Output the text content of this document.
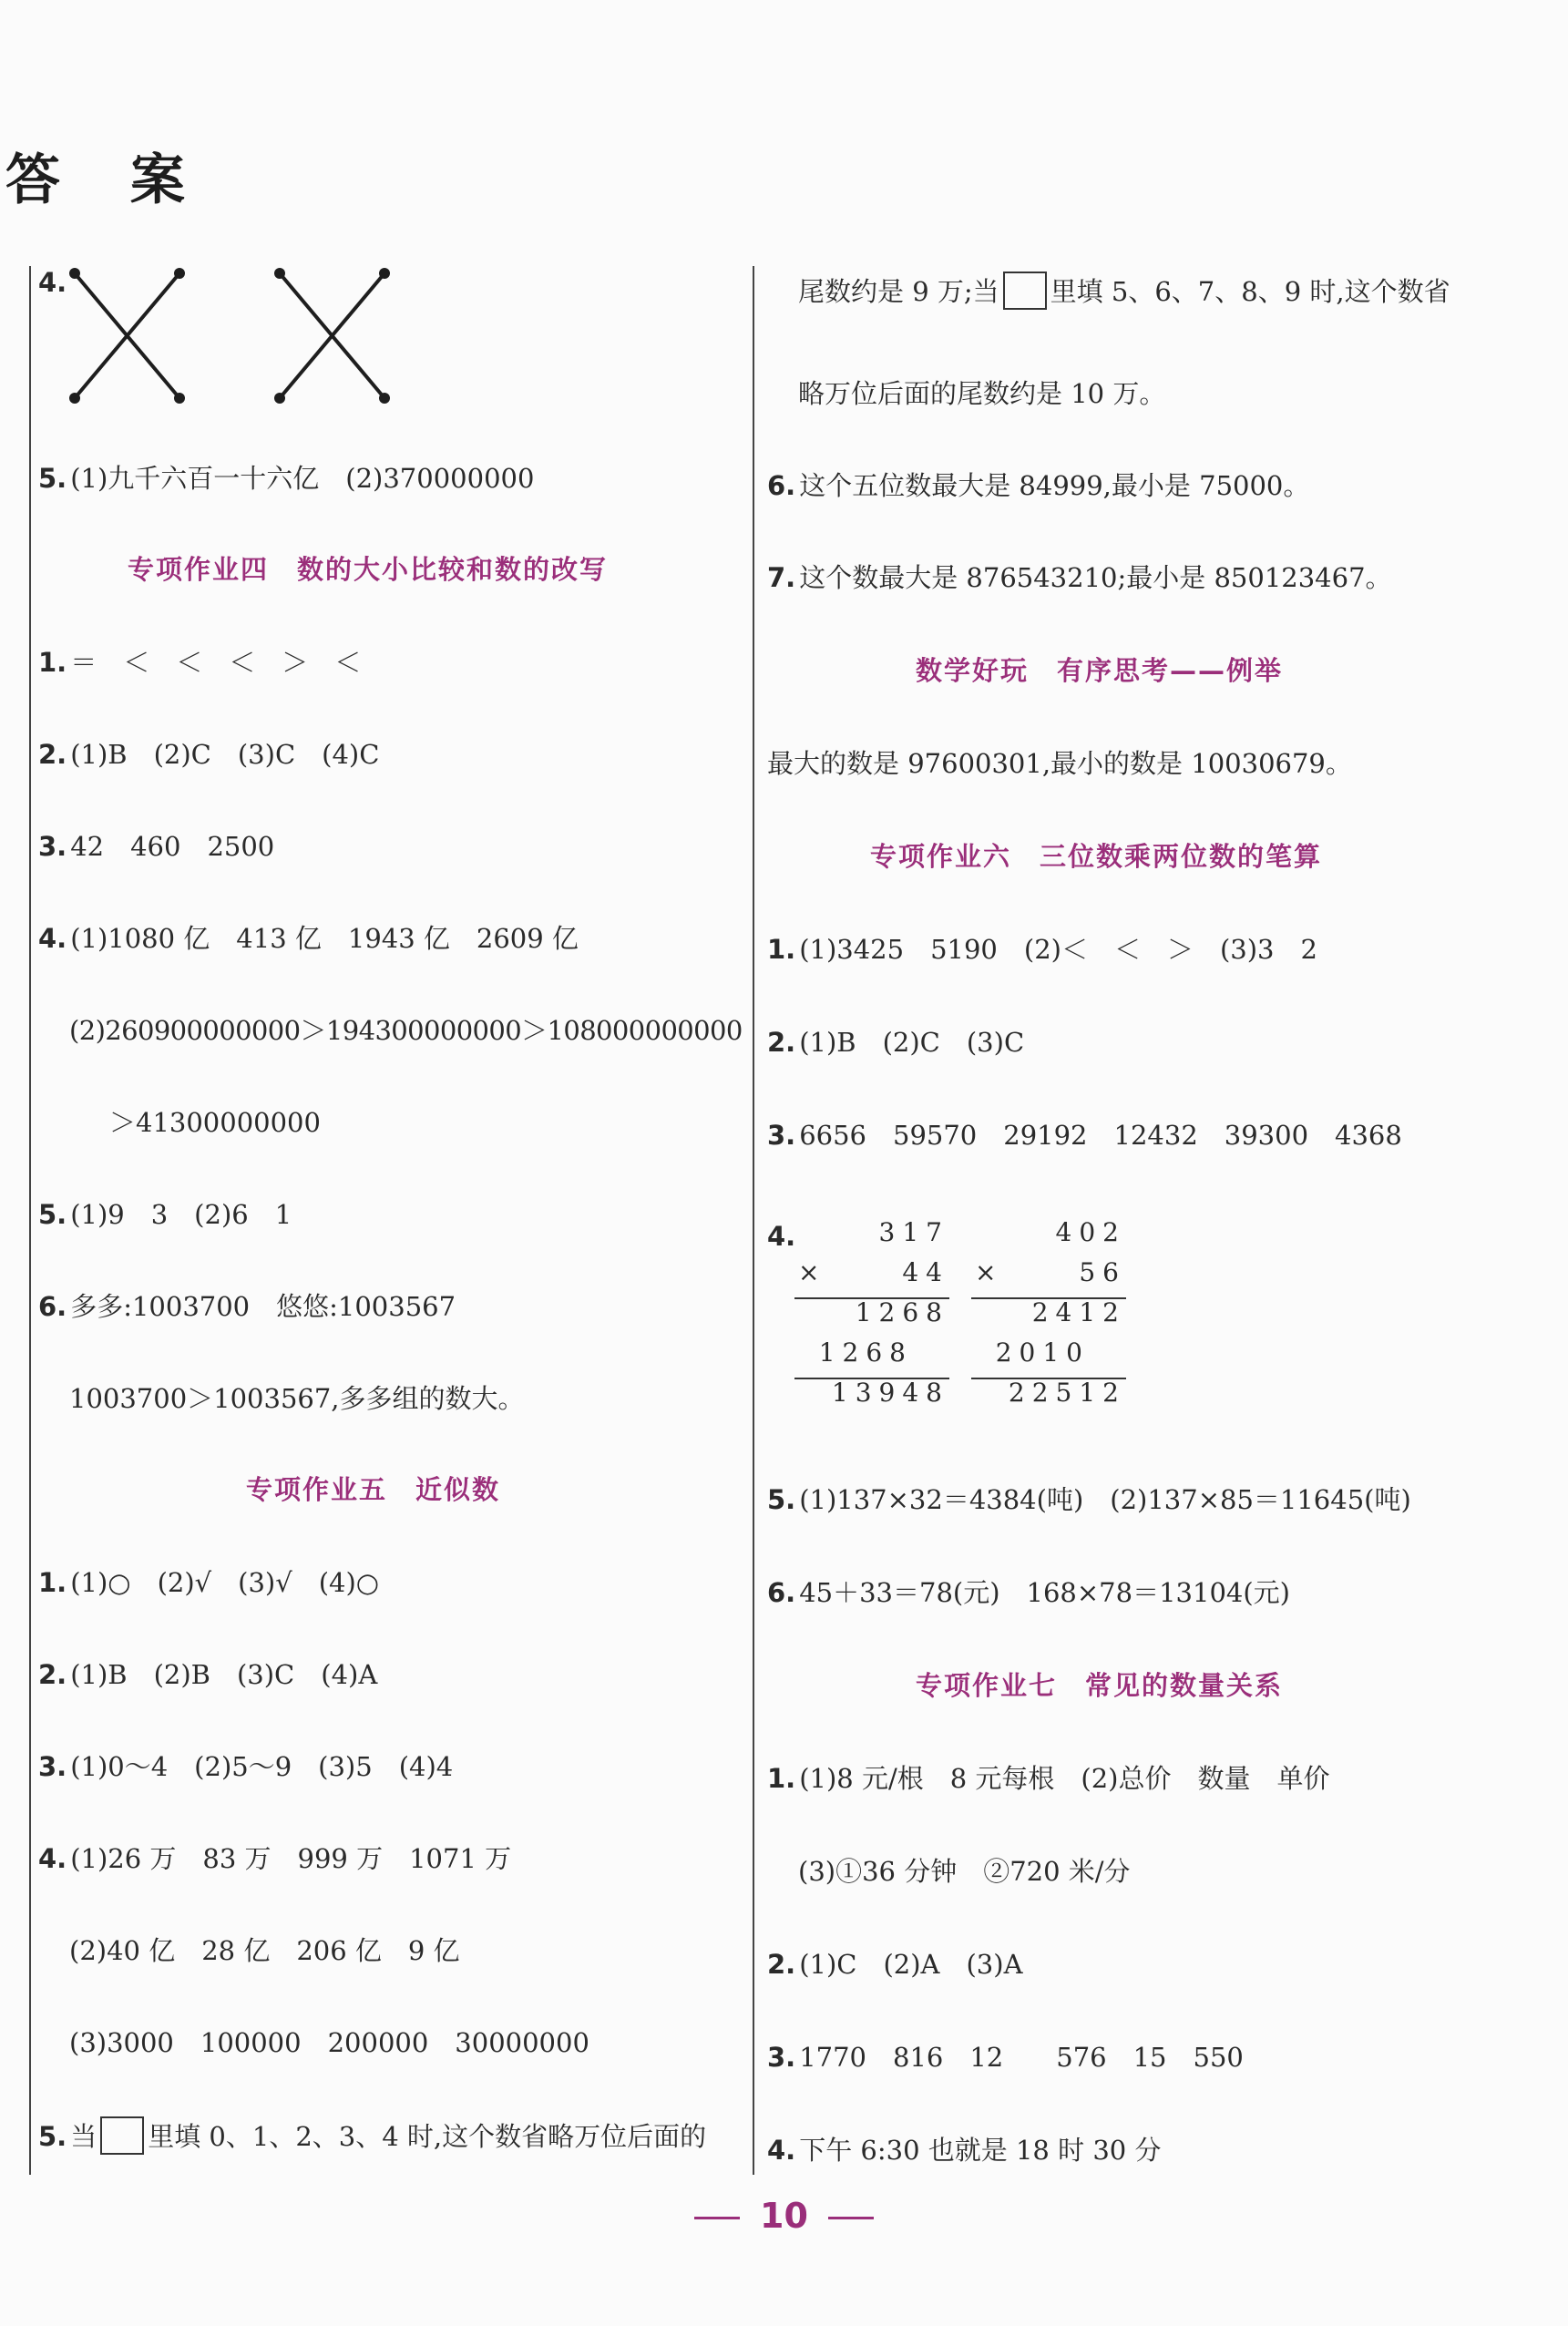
答 案
4.
5. (1)九千六百一十六亿　(2)370000000
专项作业四　数的大小比较和数的改写
1. ＝　＜　＜　＜　＞　＜
2. (1)B　(2)C　(3)C　(4)C
3. 42　460　2500
4. (1)1080 亿　413 亿　1943 亿　2609 亿
(2)260900000000＞194300000000＞108000000000
＞41300000000
5. (1)9　3　(2)6　1
6. 多多:1003700　悠悠:1003567
1003700＞1003567,多多组的数大。
专项作业五　近似数
1. (1)○　(2)√　(3)√　(4)○
2. (1)B　(2)B　(3)C　(4)A
3. (1)0～4　(2)5～9　(3)5　(4)4
4. (1)26 万　83 万　999 万　1071 万
(2)40 亿　28 亿　206 亿　9 亿
(3)3000　100000　200000　30000000
5. 当 里填 0、1、2、3、4 时,这个数省略万位后面的
尾数约是 9 万;当 里填 5、6、7、8、9 时,这个数省
略万位后面的尾数约是 10 万。
6. 这个五位数最大是 84999,最小是 75000。
7. 这个数最大是 876543210;最小是 850123467。
数学好玩　有序思考——例举
最大的数是 97600301,最小的数是 10030679。
专项作业六　三位数乘两位数的笔算
1. (1)3425　5190　(2)＜　＜　＞　(3)3　2
2. (1)B　(2)C　(3)C
3. 6656　59570　29192　12432　39300　4368
4.	317
×	44
1268
1268
13948
402
×	56
2412
2010
22512
5. (1)137×32＝4384(吨)　(2)137×85＝11645(吨)
6. 45＋33＝78(元)　168×78＝13104(元)
专项作业七　常见的数量关系
1. (1)8 元/根　8 元每根　(2)总价　数量　单价
(3)①36 分钟　②720 米/分
2. (1)C　(2)A　(3)A
3. 1770　816　12　　576　15　550
4. 下午 6:30 也就是 18 时 30 分
10
